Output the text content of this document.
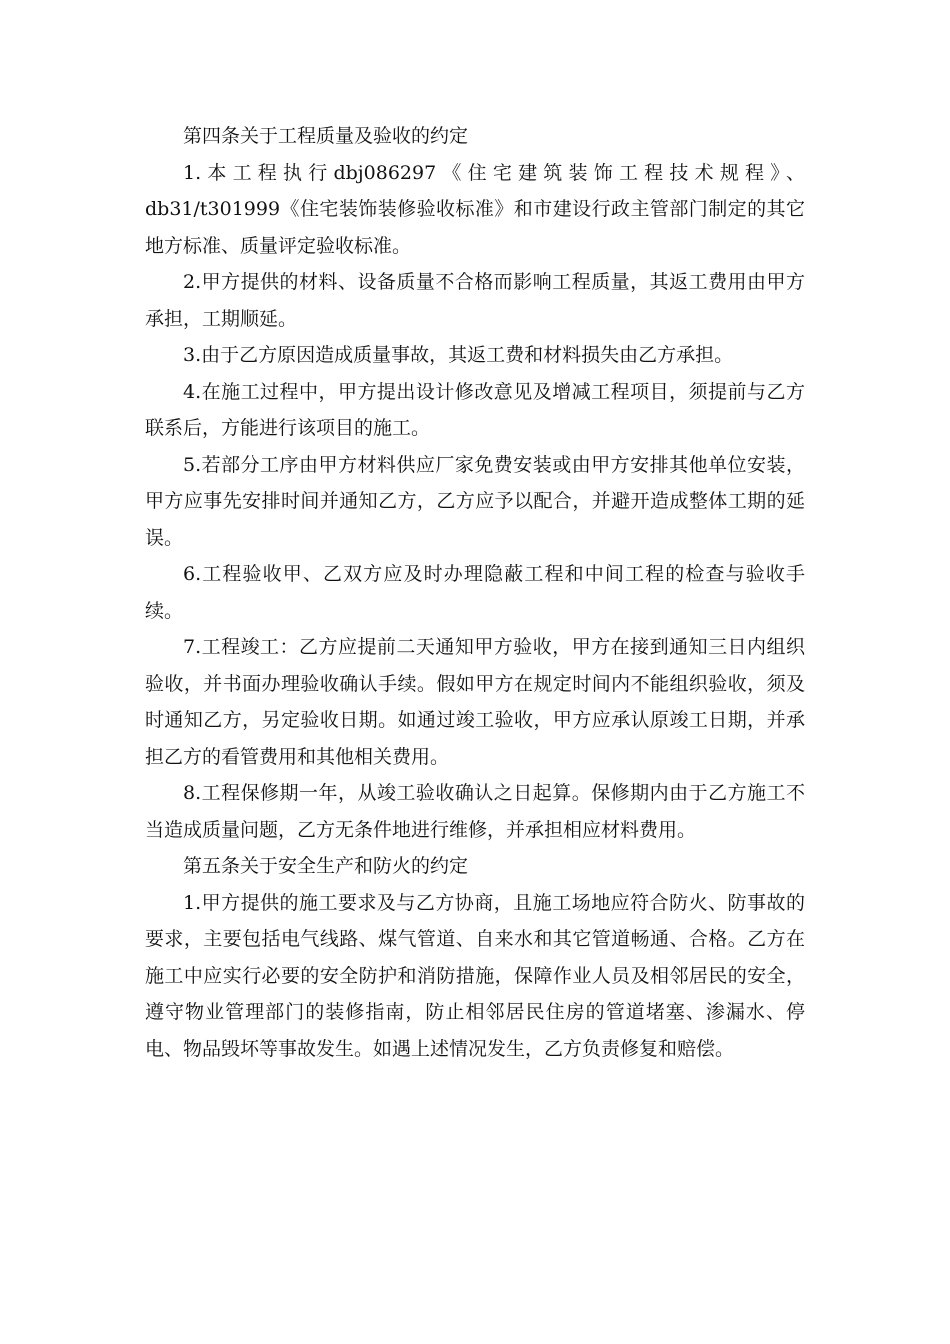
第四条关于工程质量及验收的约定

1.本工程执行dbj086297《住宅建筑装饰工程技术规程》、db31/t301999《住宅装饰装修验收标准》和市建设行政主管部门制定的其它地方标准、质量评定验收标准。

2.甲方提供的材料、设备质量不合格而影响工程质量，其返工费用由甲方承担，工期顺延。

3.由于乙方原因造成质量事故，其返工费和材料损失由乙方承担。

4.在施工过程中，甲方提出设计修改意见及增减工程项目，须提前与乙方联系后，方能进行该项目的施工。

5.若部分工序由甲方材料供应厂家免费安装或由甲方安排其他单位安装，甲方应事先安排时间并通知乙方，乙方应予以配合，并避开造成整体工期的延误。

6.工程验收甲、乙双方应及时办理隐蔽工程和中间工程的检查与验收手续。

7.工程竣工：乙方应提前二天通知甲方验收，甲方在接到通知三日内组织验收，并书面办理验收确认手续。假如甲方在规定时间内不能组织验收，须及时通知乙方，另定验收日期。如通过竣工验收，甲方应承认原竣工日期，并承担乙方的看管费用和其他相关费用。

8.工程保修期一年，从竣工验收确认之日起算。保修期内由于乙方施工不当造成质量问题，乙方无条件地进行维修，并承担相应材料费用。

第五条关于安全生产和防火的约定

1.甲方提供的施工要求及与乙方协商，且施工场地应符合防火、防事故的要求，主要包括电气线路、煤气管道、自来水和其它管道畅通、合格。乙方在施工中应实行必要的安全防护和消防措施，保障作业人员及相邻居民的安全，遵守物业管理部门的装修指南，防止相邻居民住房的管道堵塞、渗漏水、停电、物品毁坏等事故发生。如遇上述情况发生，乙方负责修复和赔偿。
